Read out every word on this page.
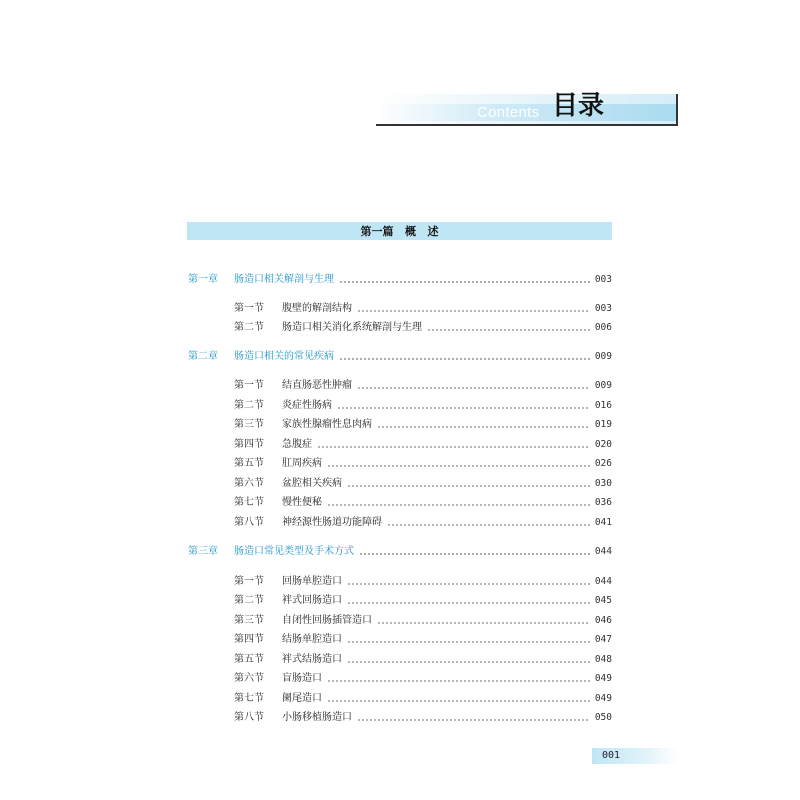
Contents 目录
第一篇   概   述
第一章	肠造口相关解剖与生理	003
第一节	腹壁的解剖结构	003
第二节	肠造口相关消化系统解剖与生理	006
第二章	肠造口相关的常见疾病	009
第一节	结直肠恶性肿瘤	009
第二节	炎症性肠病	016
第三节	家族性腺瘤性息肉病	019
第四节	急腹症	020
第五节	肛周疾病	026
第六节	盆腔相关疾病	030
第七节	慢性便秘	036
第八节	神经源性肠道功能障碍	041
第三章	肠造口常见类型及手术方式	044
第一节	回肠单腔造口	044
第二节	袢式回肠造口	045
第三节	自闭性回肠插管造口	046
第四节	结肠单腔造口	047
第五节	袢式结肠造口	048
第六节	盲肠造口	049
第七节	阑尾造口	049
第八节	小肠移植肠造口	050
001
